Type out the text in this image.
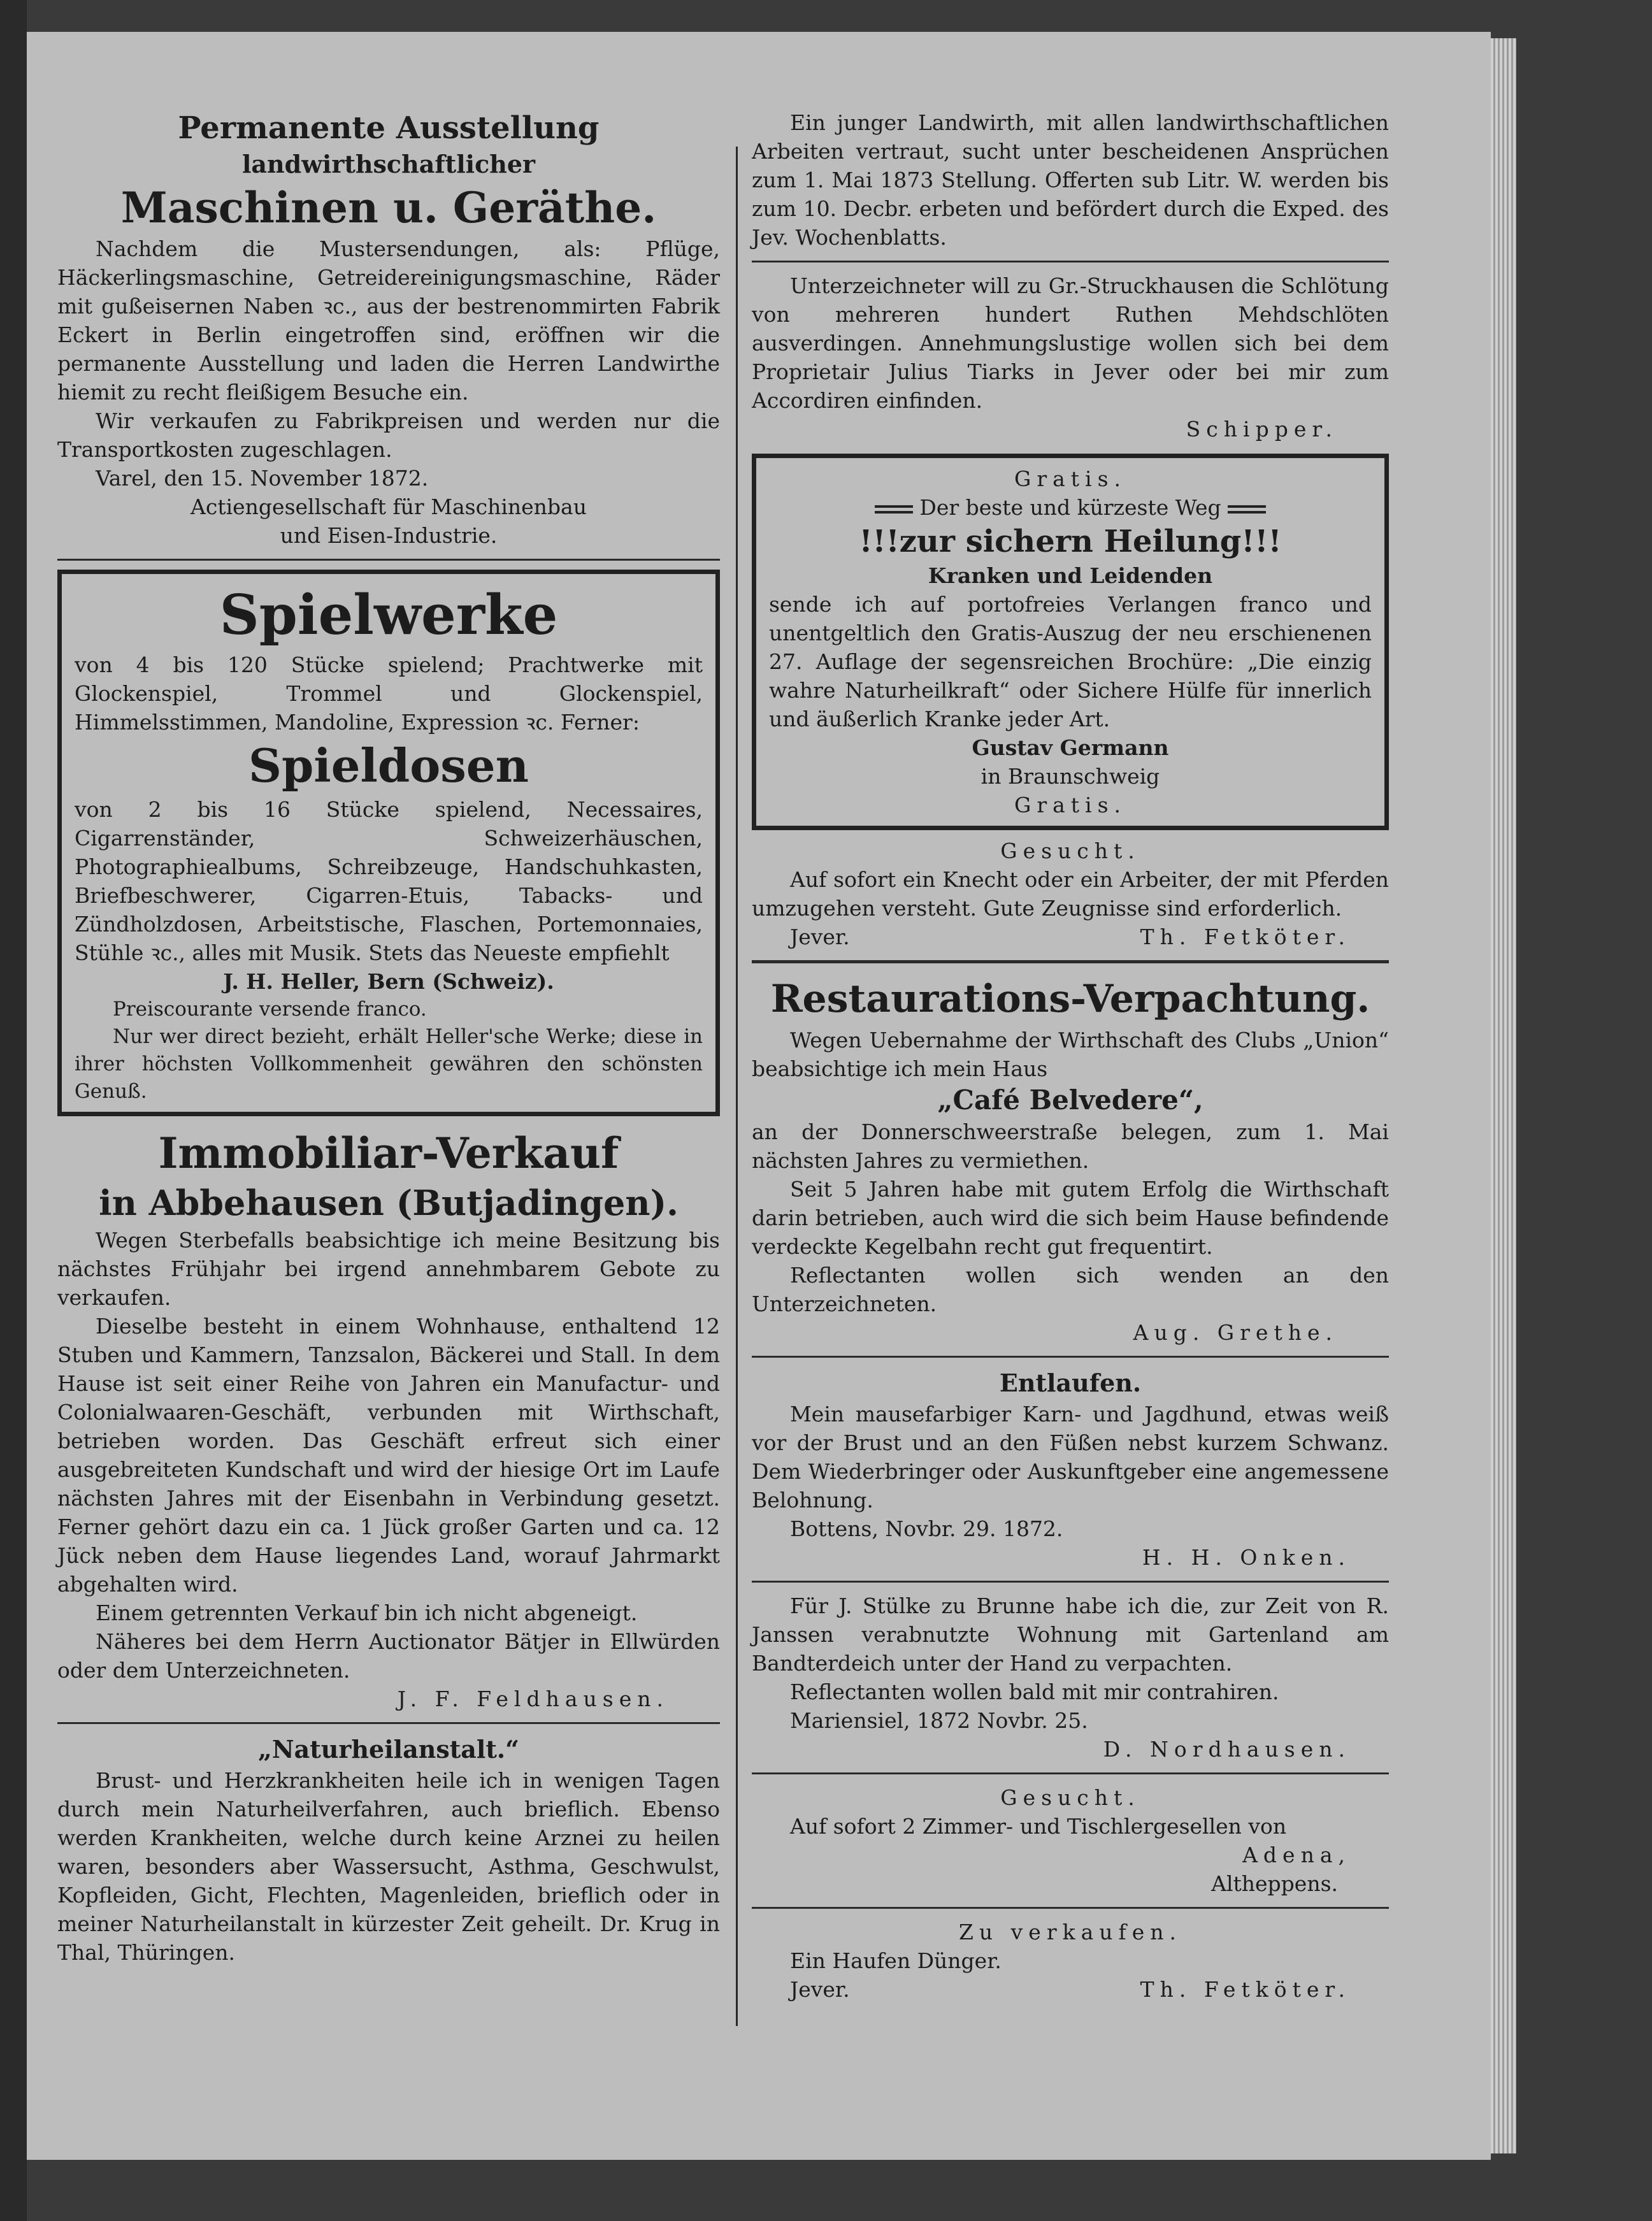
Permanente Ausstellung
landwirthschaftlicher
Maschinen u. Geräthe.

Nachdem die Mustersendungen, als: Pflüge, Häckerlingsmaschine, Getreidereinigungsmaschine, Räder mit gußeisernen Naben ꝛc., aus der bestrenommirten Fabrik Eckert in Berlin eingetroffen sind, eröffnen wir die permanente Ausstellung und laden die Herren Landwirthe hiemit zu recht fleißigem Besuche ein.

Wir verkaufen zu Fabrikpreisen und werden nur die Transportkosten zugeschlagen.

Varel, den 15. November 1872.

Actiengesellschaft für Maschinenbau

und Eisen-Industrie.

Spielwerke

von 4 bis 120 Stücke spielend; Prachtwerke mit Glockenspiel, Trommel und Glockenspiel, Himmelsstimmen, Mandoline, Expression ꝛc. Ferner:

Spieldosen

von 2 bis 16 Stücke spielend, Necessaires, Cigarrenständer, Schweizerhäuschen, Photographiealbums, Schreibzeuge, Handschuhkasten, Briefbeschwerer, Cigarren-Etuis, Tabacks- und Zündholzdosen, Arbeitstische, Flaschen, Portemonnaies, Stühle ꝛc., alles mit Musik. Stets das Neueste empfiehlt

J. H. Heller, Bern (Schweiz).

Preiscourante versende franco.

Nur wer direct bezieht, erhält Heller'sche Werke; diese in ihrer höchsten Vollkommenheit gewähren den schönsten Genuß.

Immobiliar-Verkauf
in Abbehausen (Butjadingen).

Wegen Sterbefalls beabsichtige ich meine Besitzung bis nächstes Frühjahr bei irgend annehmbarem Gebote zu verkaufen.

Dieselbe besteht in einem Wohnhause, enthaltend 12 Stuben und Kammern, Tanzsalon, Bäckerei und Stall. In dem Hause ist seit einer Reihe von Jahren ein Manufactur- und Colonialwaaren-Geschäft, verbunden mit Wirthschaft, betrieben worden. Das Geschäft erfreut sich einer ausgebreiteten Kundschaft und wird der hiesige Ort im Laufe nächsten Jahres mit der Eisenbahn in Verbindung gesetzt. Ferner gehört dazu ein ca. 1 Jück großer Garten und ca. 12 Jück neben dem Hause liegendes Land, worauf Jahrmarkt abgehalten wird.

Einem getrennten Verkauf bin ich nicht abgeneigt.

Näheres bei dem Herrn Auctionator Bätjer in Ellwürden oder dem Unterzeichneten.

J. F. Feldhausen.

„Naturheilanstalt.“

Brust- und Herzkrankheiten heile ich in wenigen Tagen durch mein Naturheilverfahren, auch brieflich. Ebenso werden Krankheiten, welche durch keine Arznei zu heilen waren, besonders aber Wassersucht, Asthma, Geschwulst, Kopfleiden, Gicht, Flechten, Magenleiden, brieflich oder in meiner Naturheilanstalt in kürzester Zeit geheilt. Dr. Krug in Thal, Thüringen.

Ein junger Landwirth, mit allen landwirthschaftlichen Arbeiten vertraut, sucht unter bescheidenen Ansprüchen zum 1. Mai 1873 Stellung. Offerten sub Litr. W. werden bis zum 10. Decbr. erbeten und befördert durch die Exped. des Jev. Wochenblatts.

Unterzeichneter will zu Gr.-Struckhausen die Schlötung von mehreren hundert Ruthen Mehdschlöten ausverdingen. Annehmungslustige wollen sich bei dem Proprietair Julius Tiarks in Jever oder bei mir zum Accordiren einfinden.

Schipper.

Gratis.

Der beste und kürzeste Weg

!!!zur sichern Heilung!!!

Kranken und Leidenden

sende ich auf portofreies Verlangen franco und unentgeltlich den Gratis-Auszug der neu erschienenen 27. Auflage der segensreichen Brochüre: „Die einzig wahre Naturheilkraft“ oder Sichere Hülfe für innerlich und äußerlich Kranke jeder Art.

Gustav Germann

in Braunschweig

Gratis.

Gesucht.

Auf sofort ein Knecht oder ein Arbeiter, der mit Pferden umzugehen versteht. Gute Zeugnisse sind erforderlich.

Jever.	Th. Fetköter.

Restaurations-Verpachtung.

Wegen Uebernahme der Wirthschaft des Clubs „Union“ beabsichtige ich mein Haus

„Café Belvedere“,

an der Donnerschweerstraße belegen, zum 1. Mai nächsten Jahres zu vermiethen.

Seit 5 Jahren habe mit gutem Erfolg die Wirthschaft darin betrieben, auch wird die sich beim Hause befindende verdeckte Kegelbahn recht gut frequentirt.

Reflectanten wollen sich wenden an den Unterzeichneten.

Aug. Grethe.

Entlaufen.

Mein mausefarbiger Karn- und Jagdhund, etwas weiß vor der Brust und an den Füßen nebst kurzem Schwanz. Dem Wiederbringer oder Auskunftgeber eine angemessene Belohnung.

Bottens, Novbr. 29. 1872.

H. H. Onken.

Für J. Stülke zu Brunne habe ich die, zur Zeit von R. Janssen verabnutzte Wohnung mit Gartenland am Bandterdeich unter der Hand zu verpachten.

Reflectanten wollen bald mit mir contrahiren.

Mariensiel, 1872 Novbr. 25.

D. Nordhausen.

Gesucht.

Auf sofort 2 Zimmer- und Tischlergesellen von

Adena,

Altheppens.

Zu verkaufen.

Ein Haufen Dünger.

Jever.	Th. Fetköter.
